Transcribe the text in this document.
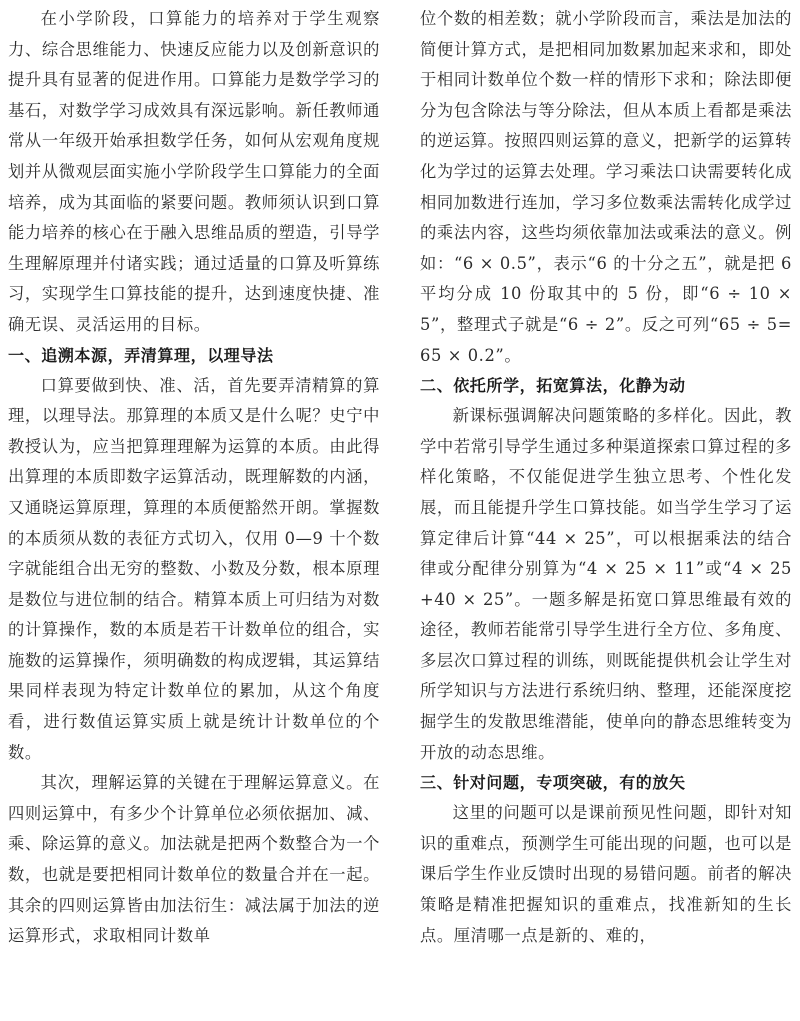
在小学阶段，口算能力的培养对于学生观察力、综合思维能力、快速反应能力以及创新意识的提升具有显著的促进作用。口算能力是数学学习的基石，对数学学习成效具有深远影响。新任教师通常从一年级开始承担数学任务，如何从宏观角度规划并从微观层面实施小学阶段学生口算能力的全面培养，成为其面临的紧要问题。教师须认识到口算能力培养的核心在于融入思维品质的塑造，引导学生理解原理并付诸实践；通过适量的口算及听算练习，实现学生口算技能的提升，达到速度快捷、准确无误、灵活运用的目标。

一、追溯本源，弄清算理，以理导法

口算要做到快、准、活，首先要弄清精算的算理，以理导法。那算理的本质又是什么呢？史宁中教授认为，应当把算理理解为运算的本质。由此得出算理的本质即数字运算活动，既理解数的内涵，又通晓运算原理，算理的本质便豁然开朗。掌握数的本质须从数的表征方式切入，仅用 0—9 十个数字就能组合出无穷的整数、小数及分数，根本原理是数位与进位制的结合。精算本质上可归结为对数的计算操作，数的本质是若干计数单位的组合，实施数的运算操作，须明确数的构成逻辑，其运算结果同样表现为特定计数单位的累加，从这个角度看，进行数值运算实质上就是统计计数单位的个数。

其次，理解运算的关键在于理解运算意义。在四则运算中，有多少个计算单位必须依据加、减、乘、除运算的意义。加法就是把两个数整合为一个数，也就是要把相同计数单位的数量合并在一起。其余的四则运算皆由加法衍生：减法属于加法的逆运算形式，求取相同计数单

位个数的相差数；就小学阶段而言，乘法是加法的简便计算方式，是把相同加数累加起来求和，即处于相同计数单位个数一样的情形下求和；除法即便分为包含除法与等分除法，但从本质上看都是乘法的逆运算。按照四则运算的意义，把新学的运算转化为学过的运算去处理。学习乘法口诀需要转化成相同加数进行连加，学习多位数乘法需转化成学过的乘法内容，这些均须依靠加法或乘法的意义。例如：“6 × 0.5”，表示“6 的十分之五”，就是把 6 平均分成 10 份取其中的 5 份，即“6 ÷ 10 × 5”，整理式子就是“6 ÷ 2”。反之可列“65 ÷ 5=65 × 0.2”。

二、依托所学，拓宽算法，化静为动

新课标强调解决问题策略的多样化。因此，教学中若常引导学生通过多种渠道探索口算过程的多样化策略，不仅能促进学生独立思考、个性化发展，而且能提升学生口算技能。如当学生学习了运算定律后计算“44 × 25”，可以根据乘法的结合律或分配律分别算为“4 × 25 × 11”或“4 × 25+40 × 25”。一题多解是拓宽口算思维最有效的途径，教师若能常引导学生进行全方位、多角度、多层次口算过程的训练，则既能提供机会让学生对所学知识与方法进行系统归纳、整理，还能深度挖掘学生的发散思维潜能，使单向的静态思维转变为开放的动态思维。

三、针对问题，专项突破，有的放矢

这里的问题可以是课前预见性问题，即针对知识的重难点，预测学生可能出现的问题，也可以是课后学生作业反馈时出现的易错问题。前者的解决策略是精准把握知识的重难点，找准新知的生长点。厘清哪一点是新的、难的，
